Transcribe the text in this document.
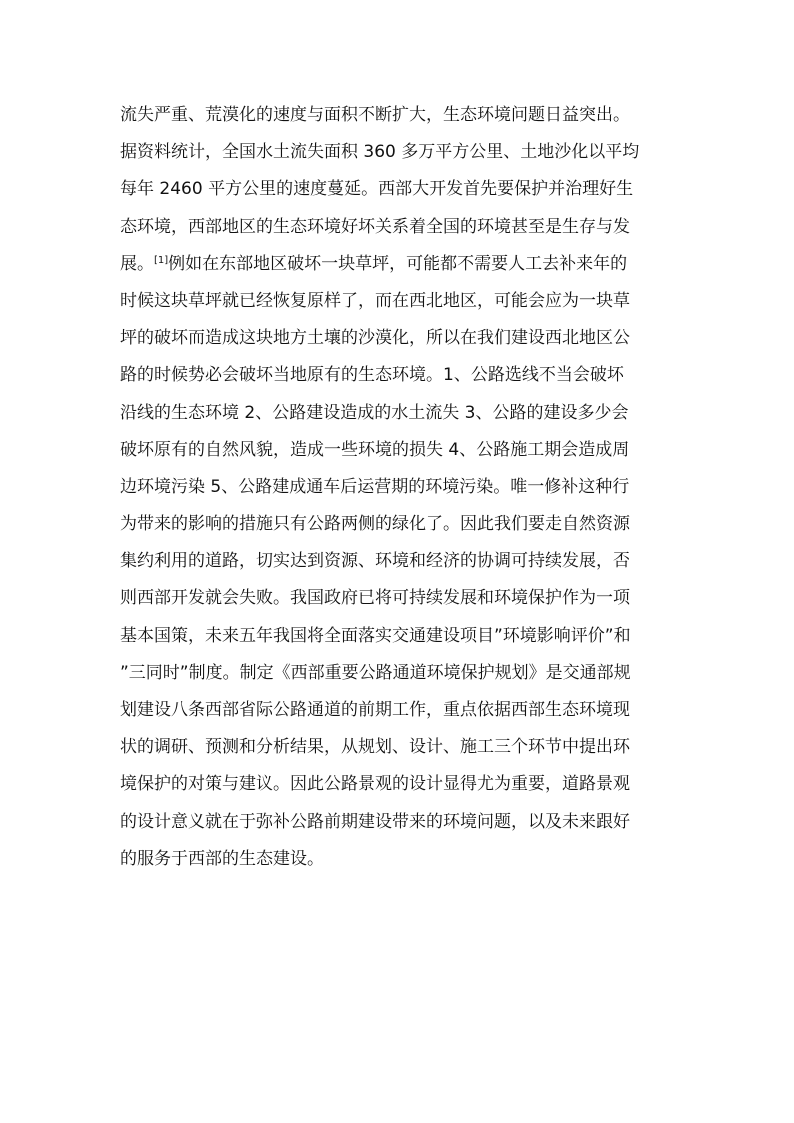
流失严重、荒漠化的速度与面积不断扩大，生态环境问题日益突出。
据资料统计，全国水土流失面积 360 多万平方公里、土地沙化以平均
每年 2460 平方公里的速度蔓延。西部大开发首先要保护并治理好生
态环境，西部地区的生态环境好坏关系着全国的环境甚至是生存与发
展。[1]例如在东部地区破坏一块草坪，可能都不需要人工去补来年的
时候这块草坪就已经恢复原样了，而在西北地区，可能会应为一块草
坪的破坏而造成这块地方土壤的沙漠化，所以在我们建设西北地区公
路的时候势必会破坏当地原有的生态环境。1、公路选线不当会破坏
沿线的生态环境 2、公路建设造成的水土流失 3、公路的建设多少会
破坏原有的自然风貌，造成一些环境的损失 4、公路施工期会造成周
边环境污染 5、公路建成通车后运营期的环境污染。唯一修补这种行
为带来的影响的措施只有公路两侧的绿化了。因此我们要走自然资源
集约利用的道路，切实达到资源、环境和经济的协调可持续发展，否
则西部开发就会失败。我国政府已将可持续发展和环境保护作为一项
基本国策，未来五年我国将全面落实交通建设项目”环境影响评价”和
”三同时”制度。制定《西部重要公路通道环境保护规划》是交通部规
划建设八条西部省际公路通道的前期工作，重点依据西部生态环境现
状的调研、预测和分析结果，从规划、设计、施工三个环节中提出环
境保护的对策与建议。因此公路景观的设计显得尤为重要，道路景观
的设计意义就在于弥补公路前期建设带来的环境问题，以及未来跟好
的服务于西部的生态建设。
